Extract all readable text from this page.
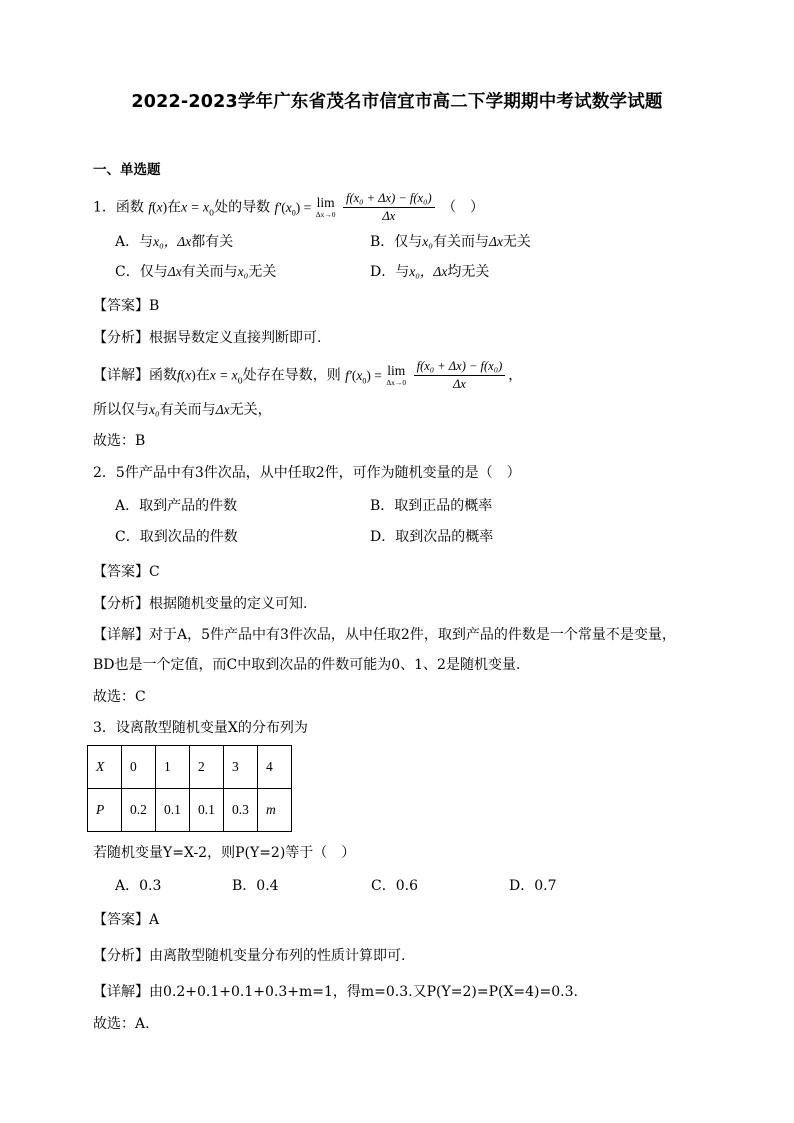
2022-2023学年广东省茂名市信宜市高二下学期期中考试数学试题
一、单选题
1．函数 f(x)在$x = x_0$处的导数 $f'(x_0) = \lim$
Δx→0
$\frac{\text{f(x₀ + Δx) − f(x₀)}}{\Delta x}$ （　）
A．与x₀，Δx都有关	B．仅与x₀有关而与Δx无关
C．仅与Δx有关而与x₀无关	D．与x₀，Δx均无关
【答案】B
【分析】根据导数定义直接判断即可.
【详解】函数f(x)在$x = x_0$处存在导数，则 $f'(x_0) = \lim$
Δx→0
$\frac{\text{f(x₀ + Δx) − f(x₀)}}{\Delta x}$ ，
所以仅与x₀有关而与Δx无关，
故选：B
2．5件产品中有3件次品，从中任取2件，可作为随机变量的是（　）
A．取到产品的件数	B．取到正品的概率
C．取到次品的件数	D．取到次品的概率
【答案】C
【分析】根据随机变量的定义可知.
【详解】对于A，5件产品中有3件次品，从中任取2件，取到产品的件数是一个常量不是变量，
BD也是一个定值，而C中取到次品的件数可能为0、1、2是随机变量.
故选：C
3．设离散型随机变量X的分布列为
X	0	1	2	3	4
P	0.2	0.1	0.1	0.3	m
若随机变量Y=X-2，则P(Y=2)等于（　）
A．0.3	B．0.4	C．0.6	D．0.7
【答案】A
【分析】由离散型随机变量分布列的性质计算即可.
【详解】由0.2+0.1+0.1+0.3+m=1，得m=0.3.又P(Y=2)=P(X=4)=0.3.
故选：A.
